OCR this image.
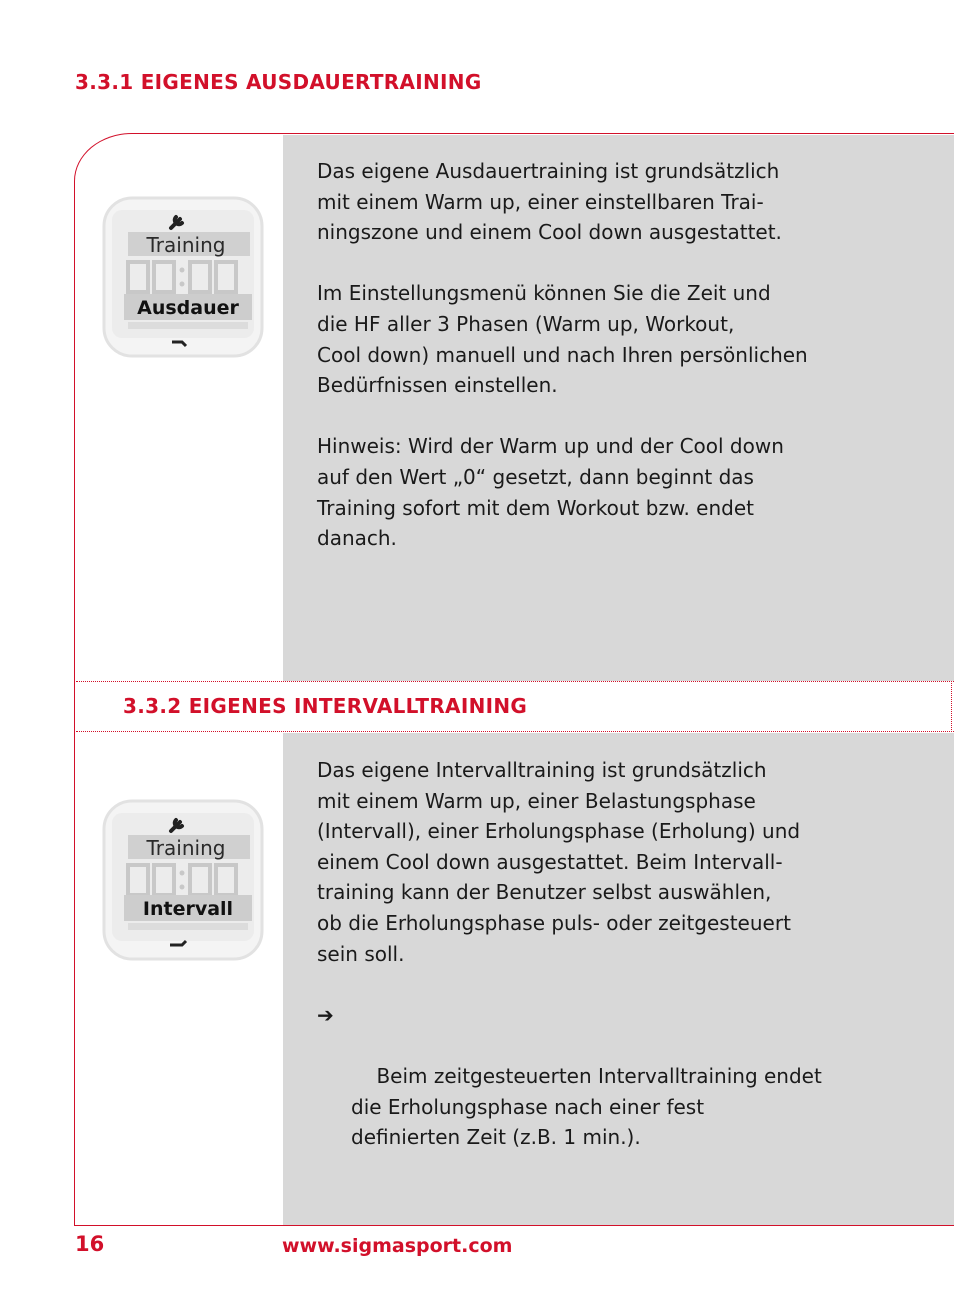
3.3.1 EIGENES AUSDAUERTRAINING
3.3.2 EIGENES INTERVALLTRAINING
Training
Ausdauer
Training
Intervall

Das eigene Ausdauertraining ist grundsätzlich
mit einem Warm up, einer einstellbaren Trai-
ningszone und einem Cool down ausgestattet.

Im Einstellungsmenü können Sie die Zeit und
die HF aller 3 Phasen (Warm up, Workout,
Cool down) manuell und nach Ihren persönlichen
Bedürfnissen einstellen.

Hinweis: Wird der Warm up und der Cool down
auf den Wert „0“ gesetzt, dann beginnt das
Training sofort mit dem Workout bzw. endet
danach.

Das eigene Intervalltraining ist grundsätzlich
mit einem Warm up, einer Belastungsphase
(Intervall), einer Erholungsphase (Erholung) und
einem Cool down ausgestattet. Beim Intervall-
training kann der Benutzer selbst auswählen,
ob die Erholungsphase puls- oder zeitgesteuert
sein soll.

➔

Beim zeitgesteuerten Intervalltraining endet
die Erholungsphase nach einer fest
definierten Zeit (z.B. 1 min.).

16	www.sigmasport.com
